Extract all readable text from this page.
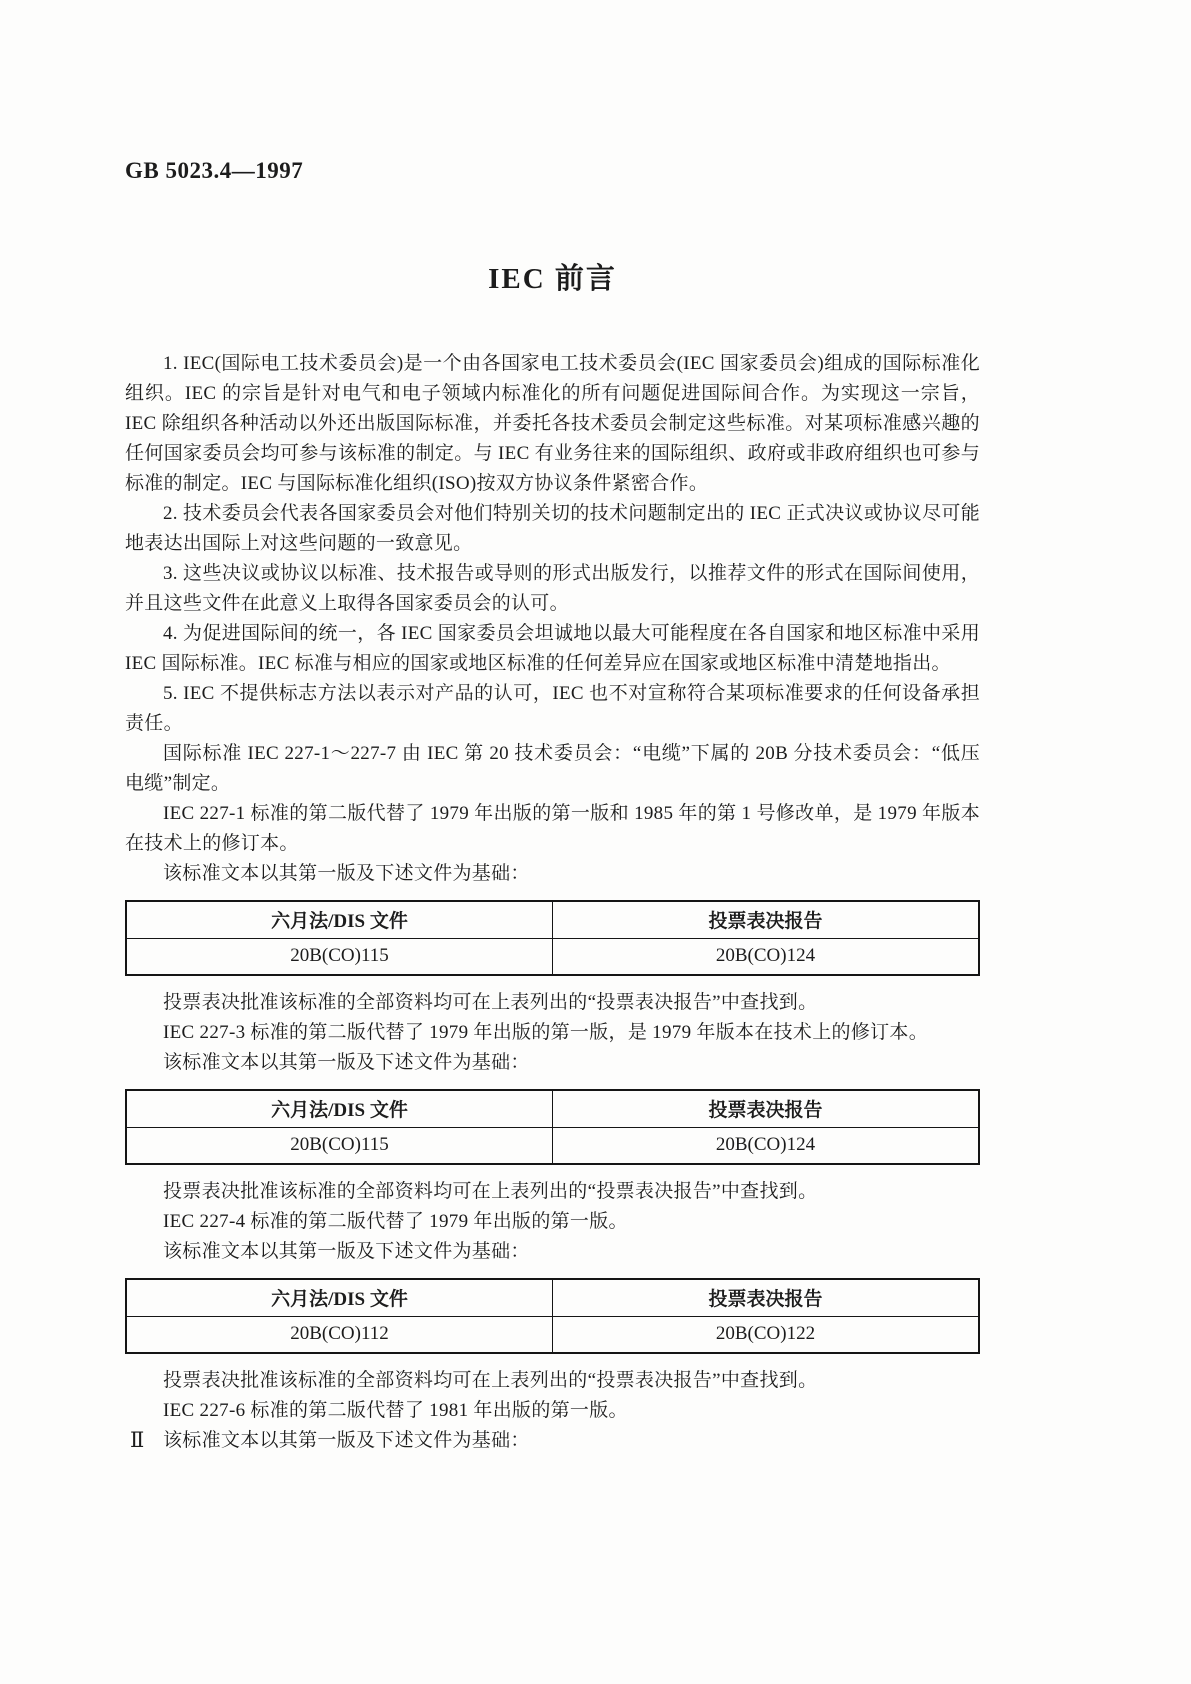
GB 5023.4—1997
IEC 前言

1. IEC(国际电工技术委员会)是一个由各国家电工技术委员会(IEC 国家委员会)组成的国际标准化组织。IEC 的宗旨是针对电气和电子领域内标准化的所有问题促进国际间合作。为实现这一宗旨，IEC 除组织各种活动以外还出版国际标准，并委托各技术委员会制定这些标准。对某项标准感兴趣的任何国家委员会均可参与该标准的制定。与 IEC 有业务往来的国际组织、政府或非政府组织也可参与标准的制定。IEC 与国际标准化组织(ISO)按双方协议条件紧密合作。

2. 技术委员会代表各国家委员会对他们特别关切的技术问题制定出的 IEC 正式决议或协议尽可能地表达出国际上对这些问题的一致意见。

3. 这些决议或协议以标准、技术报告或导则的形式出版发行，以推荐文件的形式在国际间使用，并且这些文件在此意义上取得各国家委员会的认可。

4. 为促进国际间的统一，各 IEC 国家委员会坦诚地以最大可能程度在各自国家和地区标准中采用 IEC 国际标准。IEC 标准与相应的国家或地区标准的任何差异应在国家或地区标准中清楚地指出。

5. IEC 不提供标志方法以表示对产品的认可，IEC 也不对宣称符合某项标准要求的任何设备承担责任。

国际标准 IEC 227-1～227-7 由 IEC 第 20 技术委员会：“电缆”下属的 20B 分技术委员会：“低压电缆”制定。

IEC 227-1 标准的第二版代替了 1979 年出版的第一版和 1985 年的第 1 号修改单，是 1979 年版本在技术上的修订本。

该标准文本以其第一版及下述文件为基础：

六月法/DIS 文件	投票表决报告
20B(CO)115	20B(CO)124

投票表决批准该标准的全部资料均可在上表列出的“投票表决报告”中查找到。

IEC 227-3 标准的第二版代替了 1979 年出版的第一版，是 1979 年版本在技术上的修订本。

该标准文本以其第一版及下述文件为基础：

六月法/DIS 文件	投票表决报告
20B(CO)115	20B(CO)124

投票表决批准该标准的全部资料均可在上表列出的“投票表决报告”中查找到。

IEC 227-4 标准的第二版代替了 1979 年出版的第一版。

该标准文本以其第一版及下述文件为基础：

六月法/DIS 文件	投票表决报告
20B(CO)112	20B(CO)122

投票表决批准该标准的全部资料均可在上表列出的“投票表决报告”中查找到。

IEC 227-6 标准的第二版代替了 1981 年出版的第一版。

该标准文本以其第一版及下述文件为基础：

Ⅱ
